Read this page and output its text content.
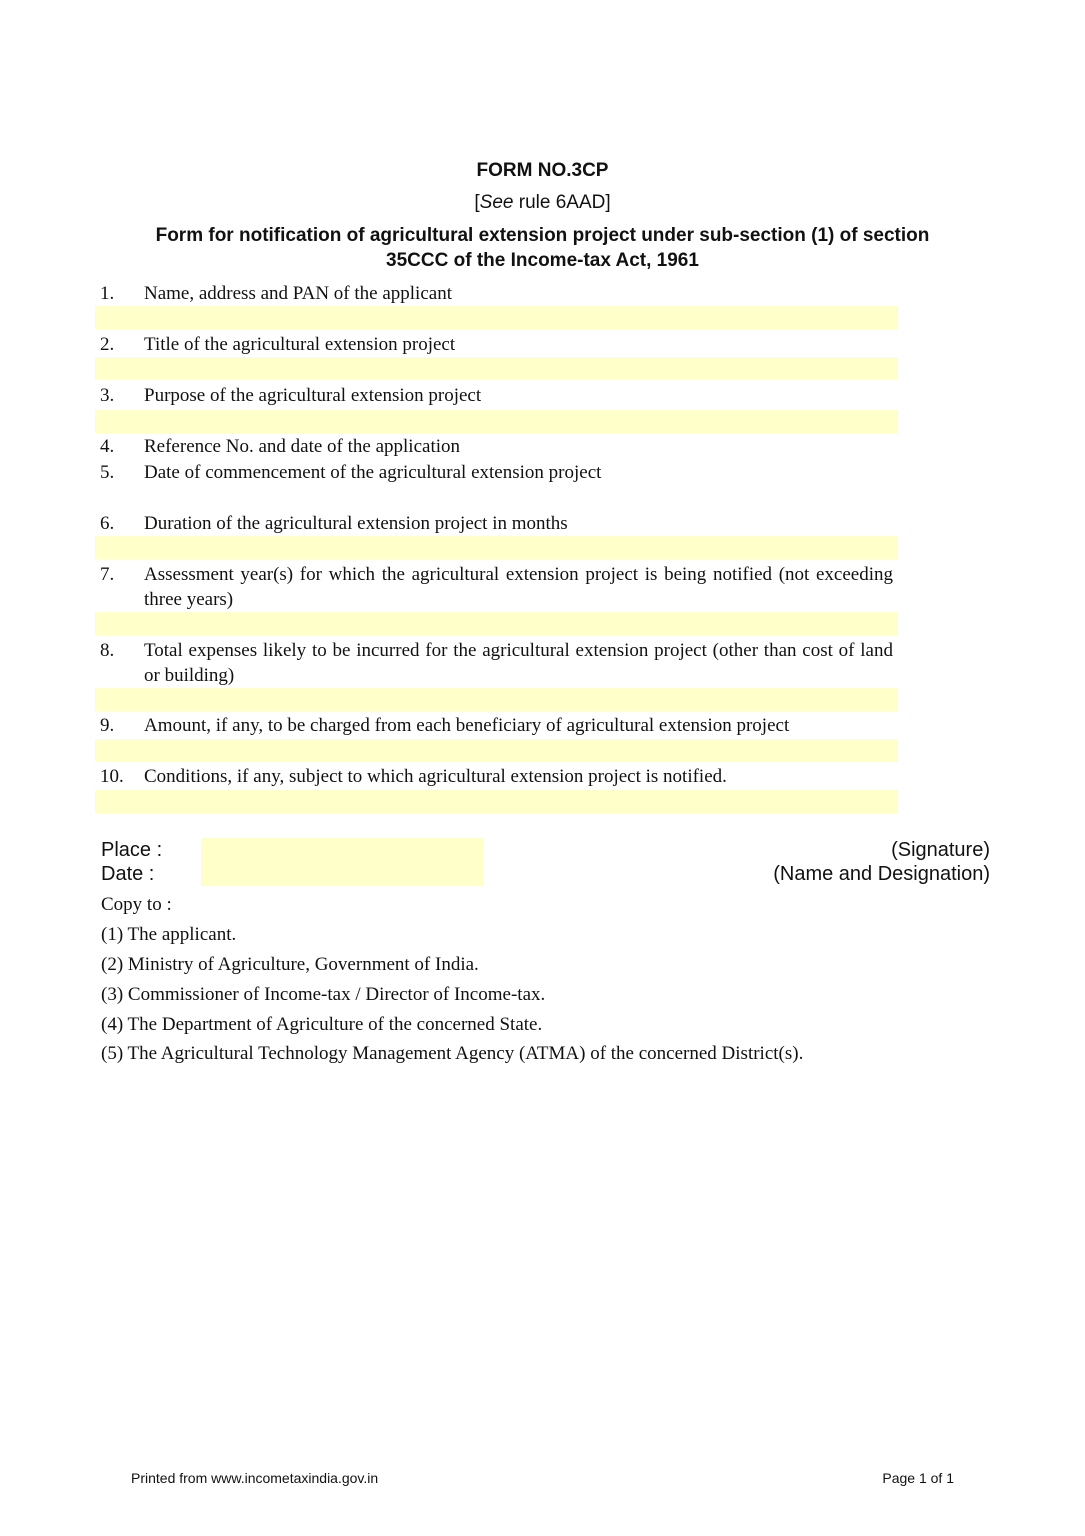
FORM NO.3CP
[See rule 6AAD]
Form for notification of agricultural extension project under sub-section (1) of section
35CCC of the Income-tax Act, 1961
1.	Name, address and PAN of the applicant
2.	Title of the agricultural extension project
3.	Purpose of the agricultural extension project
4.	Reference No. and date of the application
5.	Date of commencement of the agricultural extension project
6.	Duration of the agricultural extension project in months
7.	Assessment year(s) for which the agricultural extension project is being notified (not exceeding three years)
8.	Total expenses likely to be incurred for the agricultural extension project (other than cost of land or building)
9.	Amount, if any, to be charged from each beneficiary of agricultural extension project
10.	Conditions, if any, subject to which agricultural extension project is notified.
Place :
Date :
(Signature)
(Name and Designation)
Copy to :
(1) The applicant.
(2) Ministry of Agriculture, Government of India.
(3) Commissioner of Income-tax / Director of Income-tax.
(4) The Department of Agriculture of the concerned State.
(5) The Agricultural Technology Management Agency (ATMA) of the concerned District(s).
Printed from www.incometaxindia.gov.in	Page 1 of 1
